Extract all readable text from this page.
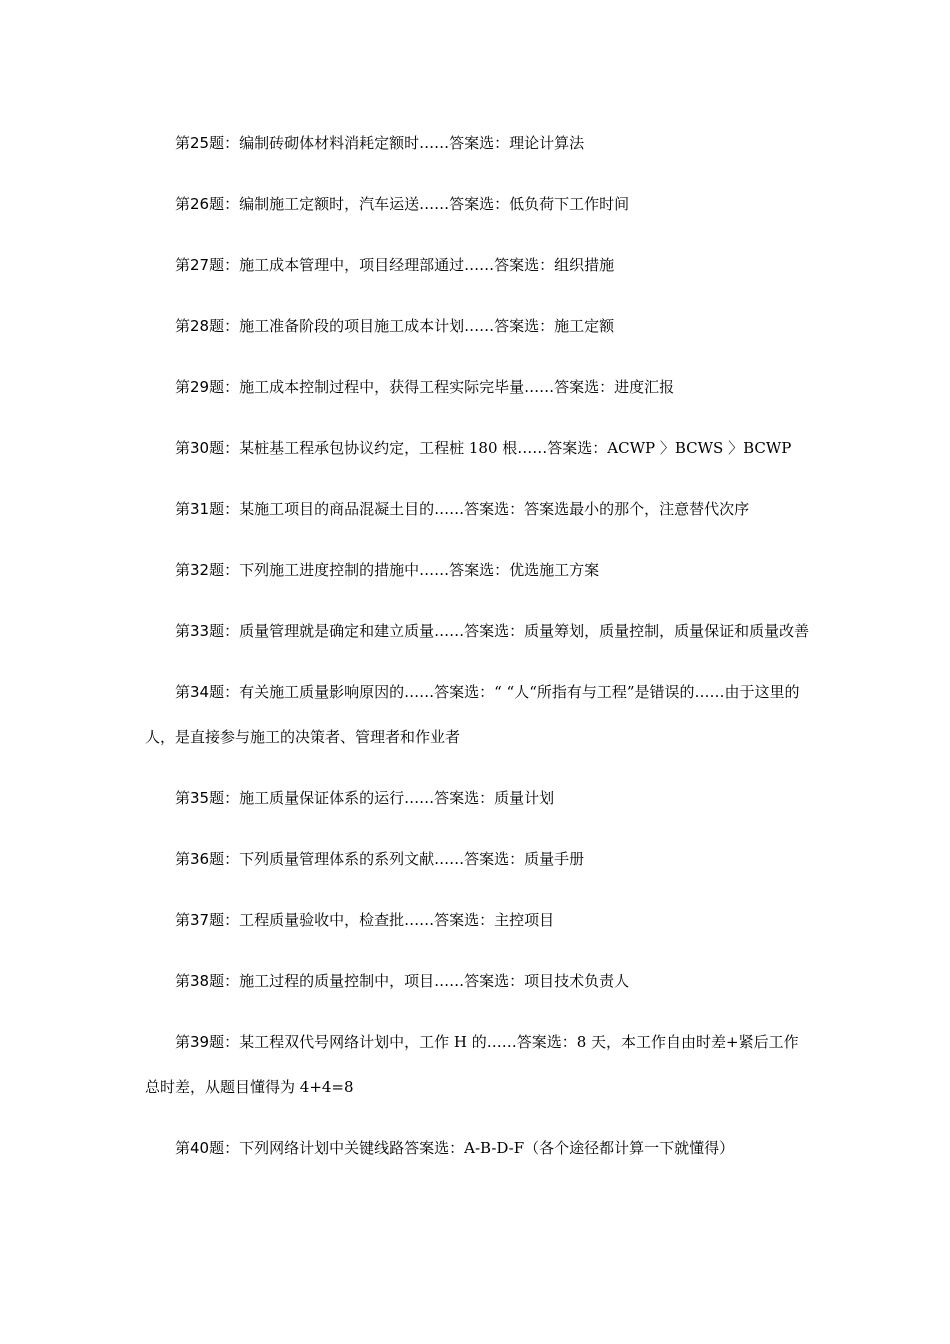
第25题：编制砖砌体材料消耗定额时……答案选：理论计算法

第26题：编制施工定额时，汽车运送……答案选：低负荷下工作时间

第27题：施工成本管理中，项目经理部通过……答案选：组织措施

第28题：施工准备阶段的项目施工成本计划……答案选：施工定额

第29题：施工成本控制过程中，获得工程实际完毕量……答案选：进度汇报

第30题：某桩基工程承包协议约定，工程桩 180 根……答案选：ACWP 〉BCWS 〉BCWP

第31题：某施工项目的商品混凝土目的……答案选：答案选最小的那个，注意替代次序

第32题：下列施工进度控制的措施中……答案选：优选施工方案

第33题：质量管理就是确定和建立质量……答案选：质量筹划，质量控制，质量保证和质量改善

第34题：有关施工质量影响原因的……答案选：“ “人“所指有与工程”是错误的……由于这里的人，是直接参与施工的决策者、管理者和作业者

第35题：施工质量保证体系的运行……答案选：质量计划

第36题：下列质量管理体系的系列文献……答案选：质量手册

第37题：工程质量验收中，检查批……答案选：主控项目

第38题：施工过程的质量控制中，项目……答案选：项目技术负责人

第39题：某工程双代号网络计划中，工作 H 的……答案选：8 天，本工作自由时差+紧后工作总时差，从题目懂得为 4+4=8

第40题：下列网络计划中关键线路答案选：A-B-D-F（各个途径都计算一下就懂得）
